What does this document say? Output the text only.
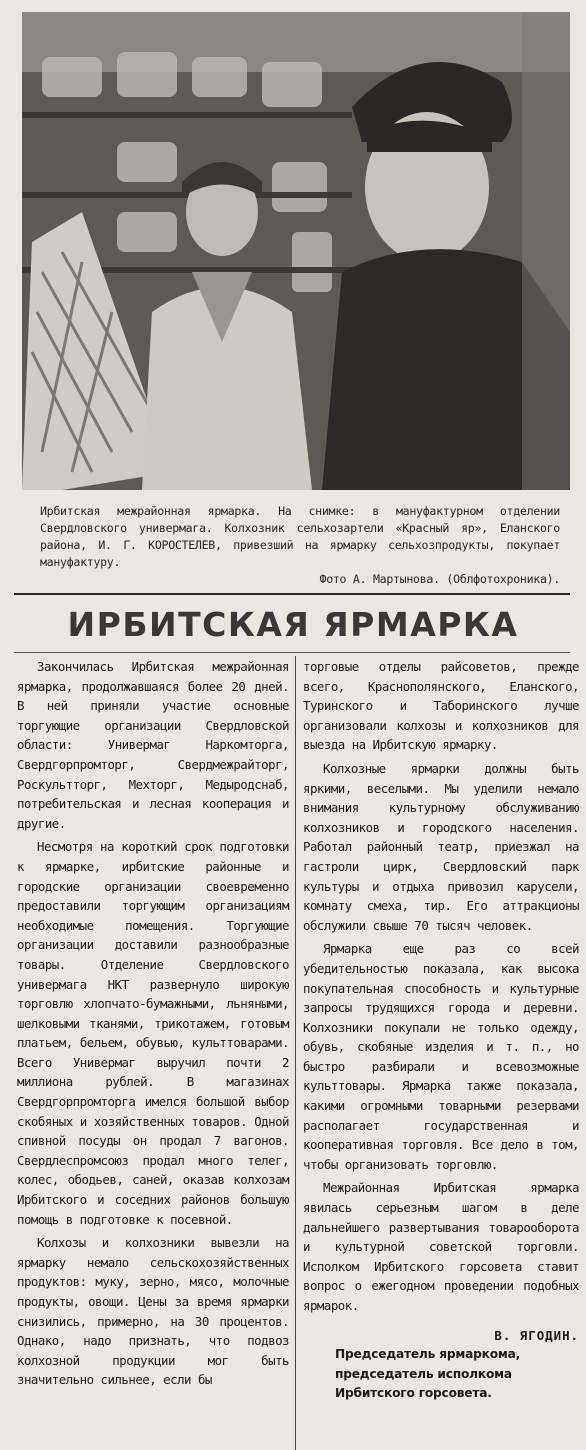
Ирбитская межрайонная ярмарка. На снимке: в мануфактурном отделении Свердловского универмага. Колхозник сельхозартели «Красный яр», Еланского района, И. Г. КОРОСТЕЛЕВ, привезший на ярмарку сельхозпродукты, покупает мануфактуру.
Фото А. Мартынова. (Облфотохроника).
ИРБИТСКАЯ ЯРМАРКА

Закончилась Ирбитская межрайонная ярмарка, продолжавшаяся более 20 дней. В ней приняли участие основные торгующие организации Свердловской области: Универмаг Наркомторга, Свердгорпромторг, Свердмежрайторг, Роскультторг, Мехторг, Медыродснаб, потребительская и лесная кооперация и другие.

Несмотря на короткий срок подготовки к ярмарке, ирбитские районные и городские организации своевременно предоставили торгующим организациям необходимые помещения. Торгующие организации доставили разнообразные товары. Отделение Свердловского универмага НКТ развернуло широкую торговлю хлопчато-бумажными, льняными, шелковыми тканями, трикотажем, готовым платьем, бельем, обувью, культтоварами. Всего Универмаг выручил почти 2 миллиона рублей. В магазинах Свердгорпромторга имелся большой выбор скобяных и хозяйственных товаров. Одной спивной посуды он продал 7 вагонов. Свердлеспромсоюз продал много телег, колес, ободьев, саней, оказав колхозам Ирбитского и соседних районов большую помощь в подготовке к посевной.

Колхозы и колхозники вывезли на ярмарку немало сельскохозяйственных продуктов: муку, зерно, мясо, молочные продукты, овощи. Цены за время ярмарки снизились, примерно, на 30 процентов. Однако, надо признать, что подвоз колхозной продукции мог быть значительно сильнее, если бы

торговые отделы райсоветов, прежде всего, Краснополянского, Еланского, Туринского и Таборинского лучше организовали колхозы и колхозников для выезда на Ирбитскую ярмарку.

Колхозные ярмарки должны быть яркими, веселыми. Мы уделили немало внимания культурному обслуживанию колхозников и городского населения. Работал районный театр, приезжал на гастроли цирк, Свердловский парк культуры и отдыха привозил карусели, комнату смеха, тир. Его аттракционы обслужили свыше 70 тысяч человек.

Ярмарка еще раз со всей убедительностью показала, как высока покупательная способность и культурные запросы трудящихся города и деревни. Колхозники покупали не только одежду, обувь, скобяные изделия и т. п., но быстро разбирали и всевозможные культтовары. Ярмарка также показала, какими огромными товарными резервами располагает государственная и кооперативная торговля. Все дело в том, чтобы организовать торговлю.

Межрайонная Ирбитская ярмарка явилась серьезным шагом в деле дальнейшего развертывания товарооборота и культурной советской торговли. Исполком Ирбитского горсовета ставит вопрос о ежегодном проведении подобных ярмарок.

В. ЯГОДИН.
Председатель ярмаркома, председатель исполкома Ирбитского горсовета.
